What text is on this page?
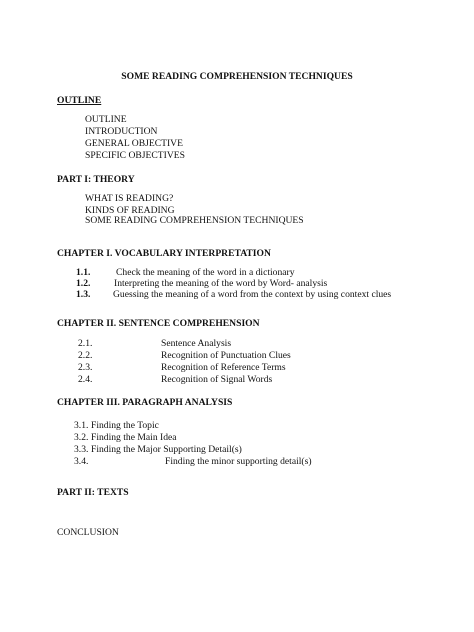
SOME READING COMPREHENSION TECHNIQUES
OUTLINE
OUTLINE
INTRODUCTION
GENERAL OBJECTIVE
SPECIFIC OBJECTIVES
PART I: THEORY
WHAT IS READING?
KINDS OF READING
SOME READING COMPREHENSION TECHNIQUES
CHAPTER I. VOCABULARY INTERPRETATION
1.1.	Check the meaning of the word in a dictionary
1.2. Interpreting the meaning of the word by Word- analysis
1.3. Guessing the meaning of a word from the context by using context clues
CHAPTER II. SENTENCE COMPREHENSION
2.1.	Sentence Analysis
2.2.	Recognition of Punctuation Clues
2.3.	Recognition of Reference Terms
2.4.	Recognition of Signal Words
CHAPTER III. PARAGRAPH ANALYSIS
3.1. Finding the Topic
3.2. Finding the Main Idea
3.3. Finding the Major Supporting Detail(s)
3.4.	Finding the minor supporting detail(s)
PART II: TEXTS
CONCLUSION
